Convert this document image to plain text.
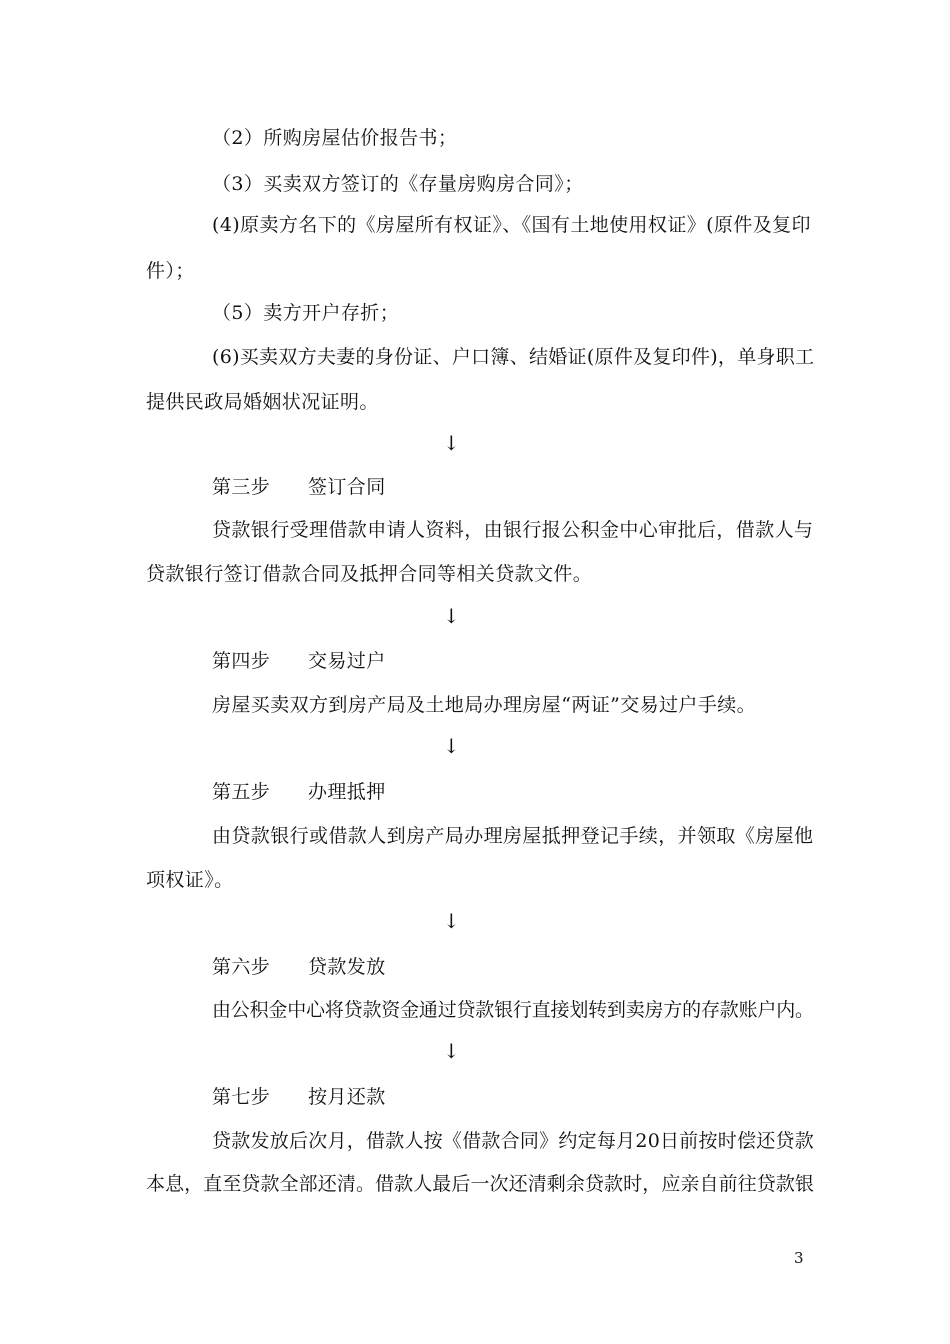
（2）所购房屋估价报告书；
（3）买卖双方签订的《存量房购房合同》；
(4)原卖方名下的《房屋所有权证》、《国有土地使用权证》(原件及复印
件）；
（5）卖方开户存折；
(6)买卖双方夫妻的身份证、户口簿、结婚证(原件及复印件)，单身职工
提供民政局婚姻状况证明。
↓
第三步 签订合同
贷款银行受理借款申请人资料，由银行报公积金中心审批后，借款人与
贷款银行签订借款合同及抵押合同等相关贷款文件。
↓
第四步 交易过户
房屋买卖双方到房产局及土地局办理房屋“两证”交易过户手续。
↓
第五步 办理抵押
由贷款银行或借款人到房产局办理房屋抵押登记手续，并领取《房屋他
项权证》。
↓
第六步 贷款发放
由公积金中心将贷款资金通过贷款银行直接划转到卖房方的存款账户内。
↓
第七步 按月还款
贷款发放后次月，借款人按《借款合同》约定每月20日前按时偿还贷款
本息，直至贷款全部还清。借款人最后一次还清剩余贷款时，应亲自前往贷款银
3
